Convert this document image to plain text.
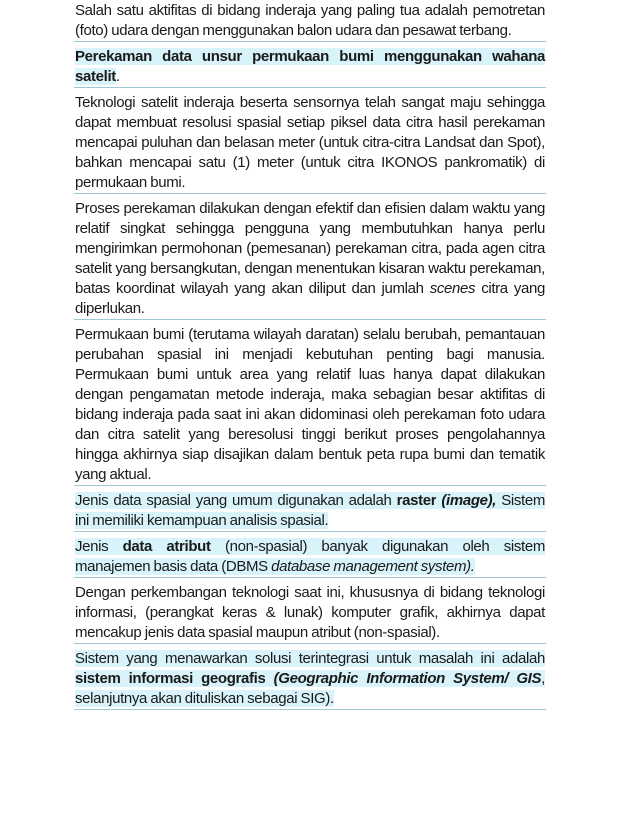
Salah satu aktifitas di bidang inderaja yang paling tua adalah pemotretan (foto) udara dengan menggunakan balon udara dan pesawat terbang.

Perekaman data unsur permukaan bumi menggunakan wahana satelit.

Teknologi satelit inderaja beserta sensornya telah sangat maju sehingga dapat membuat resolusi spasial setiap piksel data citra hasil perekaman mencapai puluhan dan belasan meter (untuk citra-citra Landsat dan Spot), bahkan mencapai satu (1) meter (untuk citra IKONOS pankromatik) di permukaan bumi.

Proses perekaman dilakukan dengan efektif dan efisien dalam waktu yang relatif singkat sehingga pengguna yang membutuhkan hanya perlu mengirimkan permohonan (pemesanan) perekaman citra, pada agen citra satelit yang bersangkutan, dengan menentukan kisaran waktu perekaman, batas koordinat wilayah yang akan diliput dan jumlah scenes citra yang diperlukan.

Permukaan bumi (terutama wilayah daratan) selalu berubah, pemantauan perubahan spasial ini menjadi kebutuhan penting bagi manusia. Permukaan bumi untuk area yang relatif luas hanya dapat dilakukan dengan pengamatan metode inderaja, maka sebagian besar aktifitas di bidang inderaja pada saat ini akan didominasi oleh perekaman foto udara dan citra satelit yang beresolusi tinggi berikut proses pengolahannya hingga akhirnya siap disajikan dalam bentuk peta rupa bumi dan tematik yang aktual.

Jenis data spasial yang umum digunakan adalah raster (image), Sistem ini memiliki kemampuan analisis spasial.

Jenis data atribut (non-spasial) banyak digunakan oleh sistem manajemen basis data (DBMS database management system).

Dengan perkembangan teknologi saat ini, khususnya di bidang teknologi informasi, (perangkat keras & lunak) komputer grafik, akhirnya dapat mencakup jenis data spasial maupun atribut (non-spasial).

Sistem yang menawarkan solusi terintegrasi untuk masalah ini adalah sistem informasi geografis (Geographic Information System/ GIS, selanjutnya akan dituliskan sebagai SIG).
